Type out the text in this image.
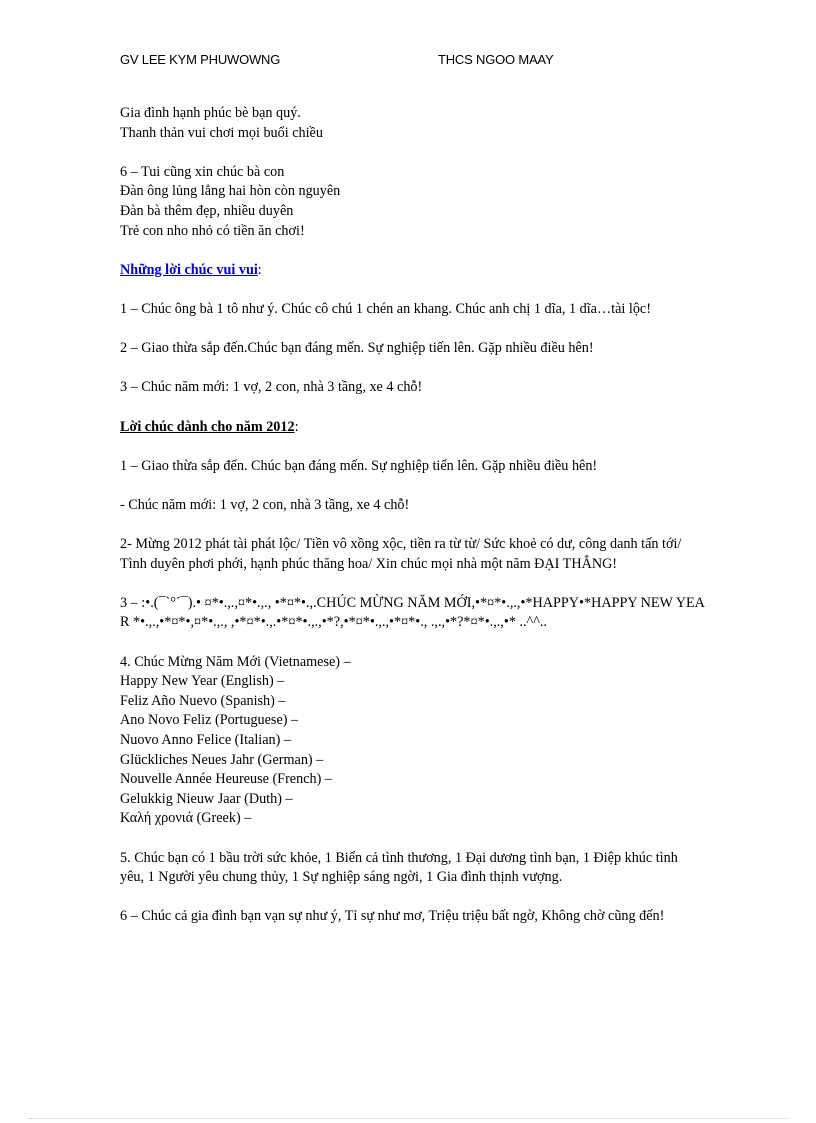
GV LEE KYM PHUWOWNG	THCS NGOO MAAY

Gia đình hạnh phúc bè bạn quý.

Thanh thản vui chơi mọi buổi chiều

6 – Tui cũng xin chúc bà con

Đàn ông lủng lẳng hai hòn còn nguyên

Đàn bà thêm đẹp, nhiều duyên

Trẻ con nho nhỏ có tiền ăn chơi!

Những lời chúc vui vui:

1 – Chúc ông bà 1 tô như ý. Chúc cô chú 1 chén an khang. Chúc anh chị 1 dĩa, 1 dĩa…tài lộc!

2 – Giao thừa sắp đến.Chúc bạn đáng mến. Sự nghiệp tiến lên. Gặp nhiều điều hên!

3 – Chúc năm mới: 1 vợ, 2 con, nhà 3 tầng, xe 4 chỗ!

Lời chúc dành cho năm 2012:

1 – Giao thừa sắp đến. Chúc bạn đáng mến. Sự nghiệp tiến lên. Gặp nhiều điều hên!

- Chúc năm mới: 1 vợ, 2 con, nhà 3 tầng, xe 4 chỗ!

2- Mừng 2012 phát tài phát lộc/ Tiền vô xồng xộc, tiền ra từ từ/ Sức khoẻ có dư, công danh tấn tới/ Tình duyên phơi phới, hạnh phúc thăng hoa/ Xin chúc mọi nhà một năm ĐẠI THẮNG!

3 – :•.(¯`°´¯).• ¤*•.,.,¤*•.,., •*¤*•.,.CHÚC MỪNG NĂM MỚI,•*¤*•.,.,•*HAPPY•*HAPPY NEW YEAR *•.,.,•*¤*•,¤*•.,., ,•*¤*•.,.•*¤*•.,.,•*?,•*¤*•.,.,•*¤*•., .,.,•*?*¤*•.,.,•* ..^^..

4. Chúc Mừng Năm Mới (Vietnamese) –

Happy New Year (English) –

Feliz Año Nuevo (Spanish) –

Ano Novo Feliz (Portuguese) –

Nuovo Anno Felice (Italian) –

Glückliches Neues Jahr (German) –

Nouvelle Année Heureuse (French) –

Gelukkig Nieuw Jaar (Duth) –

Καλή χρονιά (Greek) –

5. Chúc bạn có 1 bầu trời sức khỏe, 1 Biển cả tình thương, 1 Đại dương tình bạn, 1 Điệp khúc tình yêu, 1 Người yêu chung thủy, 1 Sự nghiệp sáng ngời, 1 Gia đình thịnh vượng.

6 – Chúc cả gia đình bạn vạn sự như ý, Tỉ sự như mơ, Triệu triệu bất ngờ, Không chờ cũng đến!
